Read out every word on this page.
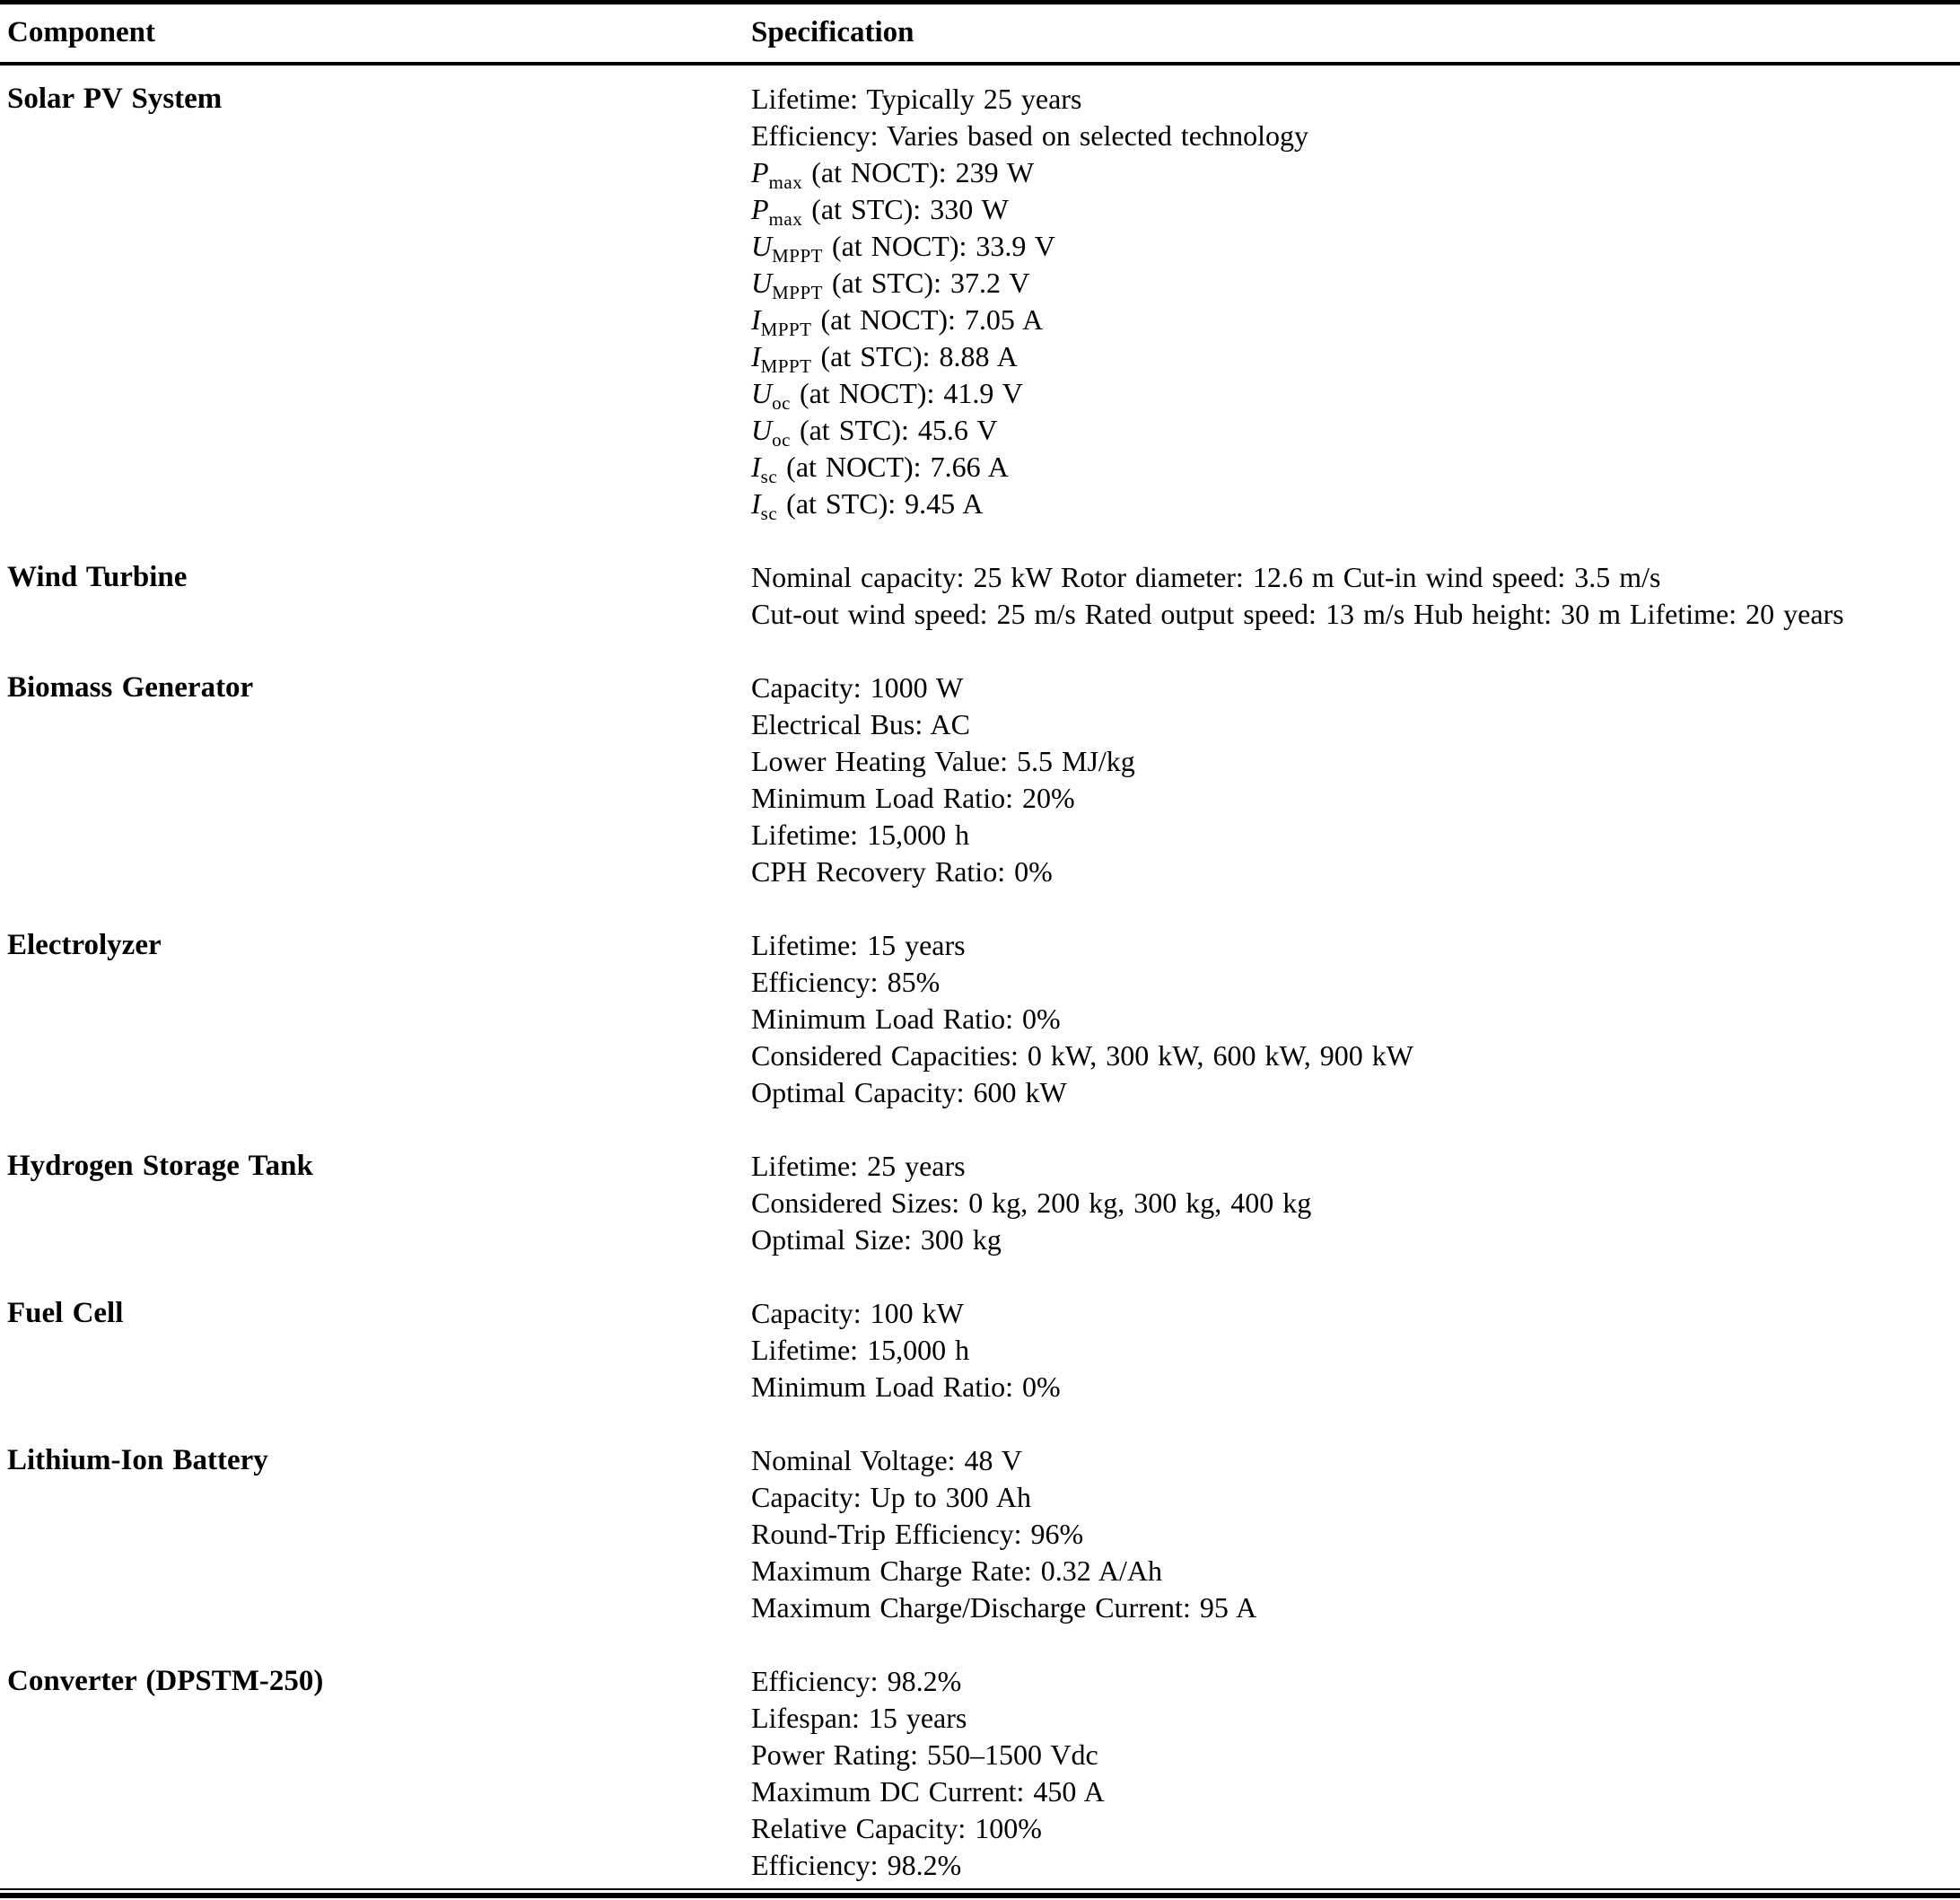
Component	Specification
Solar PV System	Lifetime: Typically 25 years
Efficiency: Varies based on selected technology
$P_{max}$ (at NOCT): 239 W
$P_{max}$ (at STC): 330 W
$U_{MPPT}$ (at NOCT): 33.9 V
$U_{MPPT}$ (at STC): 37.2 V
$I_{MPPT}$ (at NOCT): 7.05 A
$I_{MPPT}$ (at STC): 8.88 A
$U_{oc}$ (at NOCT): 41.9 V
$U_{oc}$ (at STC): 45.6 V
$I_{sc}$ (at NOCT): 7.66 A
$I_{sc}$ (at STC): 9.45 A
Wind Turbine	Nominal capacity: 25 kW Rotor diameter: 12.6 m Cut-in wind speed: 3.5 m/s
Cut-out wind speed: 25 m/s Rated output speed: 13 m/s Hub height: 30 m Lifetime: 20 years
Biomass Generator	Capacity: 1000 W
Electrical Bus: AC
Lower Heating Value: 5.5 MJ/kg
Minimum Load Ratio: 20%
Lifetime: 15,000 h
CPH Recovery Ratio: 0%
Electrolyzer	Lifetime: 15 years
Efficiency: 85%
Minimum Load Ratio: 0%
Considered Capacities: 0 kW, 300 kW, 600 kW, 900 kW
Optimal Capacity: 600 kW
Hydrogen Storage Tank	Lifetime: 25 years
Considered Sizes: 0 kg, 200 kg, 300 kg, 400 kg
Optimal Size: 300 kg
Fuel Cell	Capacity: 100 kW
Lifetime: 15,000 h
Minimum Load Ratio: 0%
Lithium-Ion Battery	Nominal Voltage: 48 V
Capacity: Up to 300 Ah
Round-Trip Efficiency: 96%
Maximum Charge Rate: 0.32 A/Ah
Maximum Charge/Discharge Current: 95 A
Converter (DPSTM-250)	Efficiency: 98.2%
Lifespan: 15 years
Power Rating: 550–1500 Vdc
Maximum DC Current: 450 A
Relative Capacity: 100%
Efficiency: 98.2%
